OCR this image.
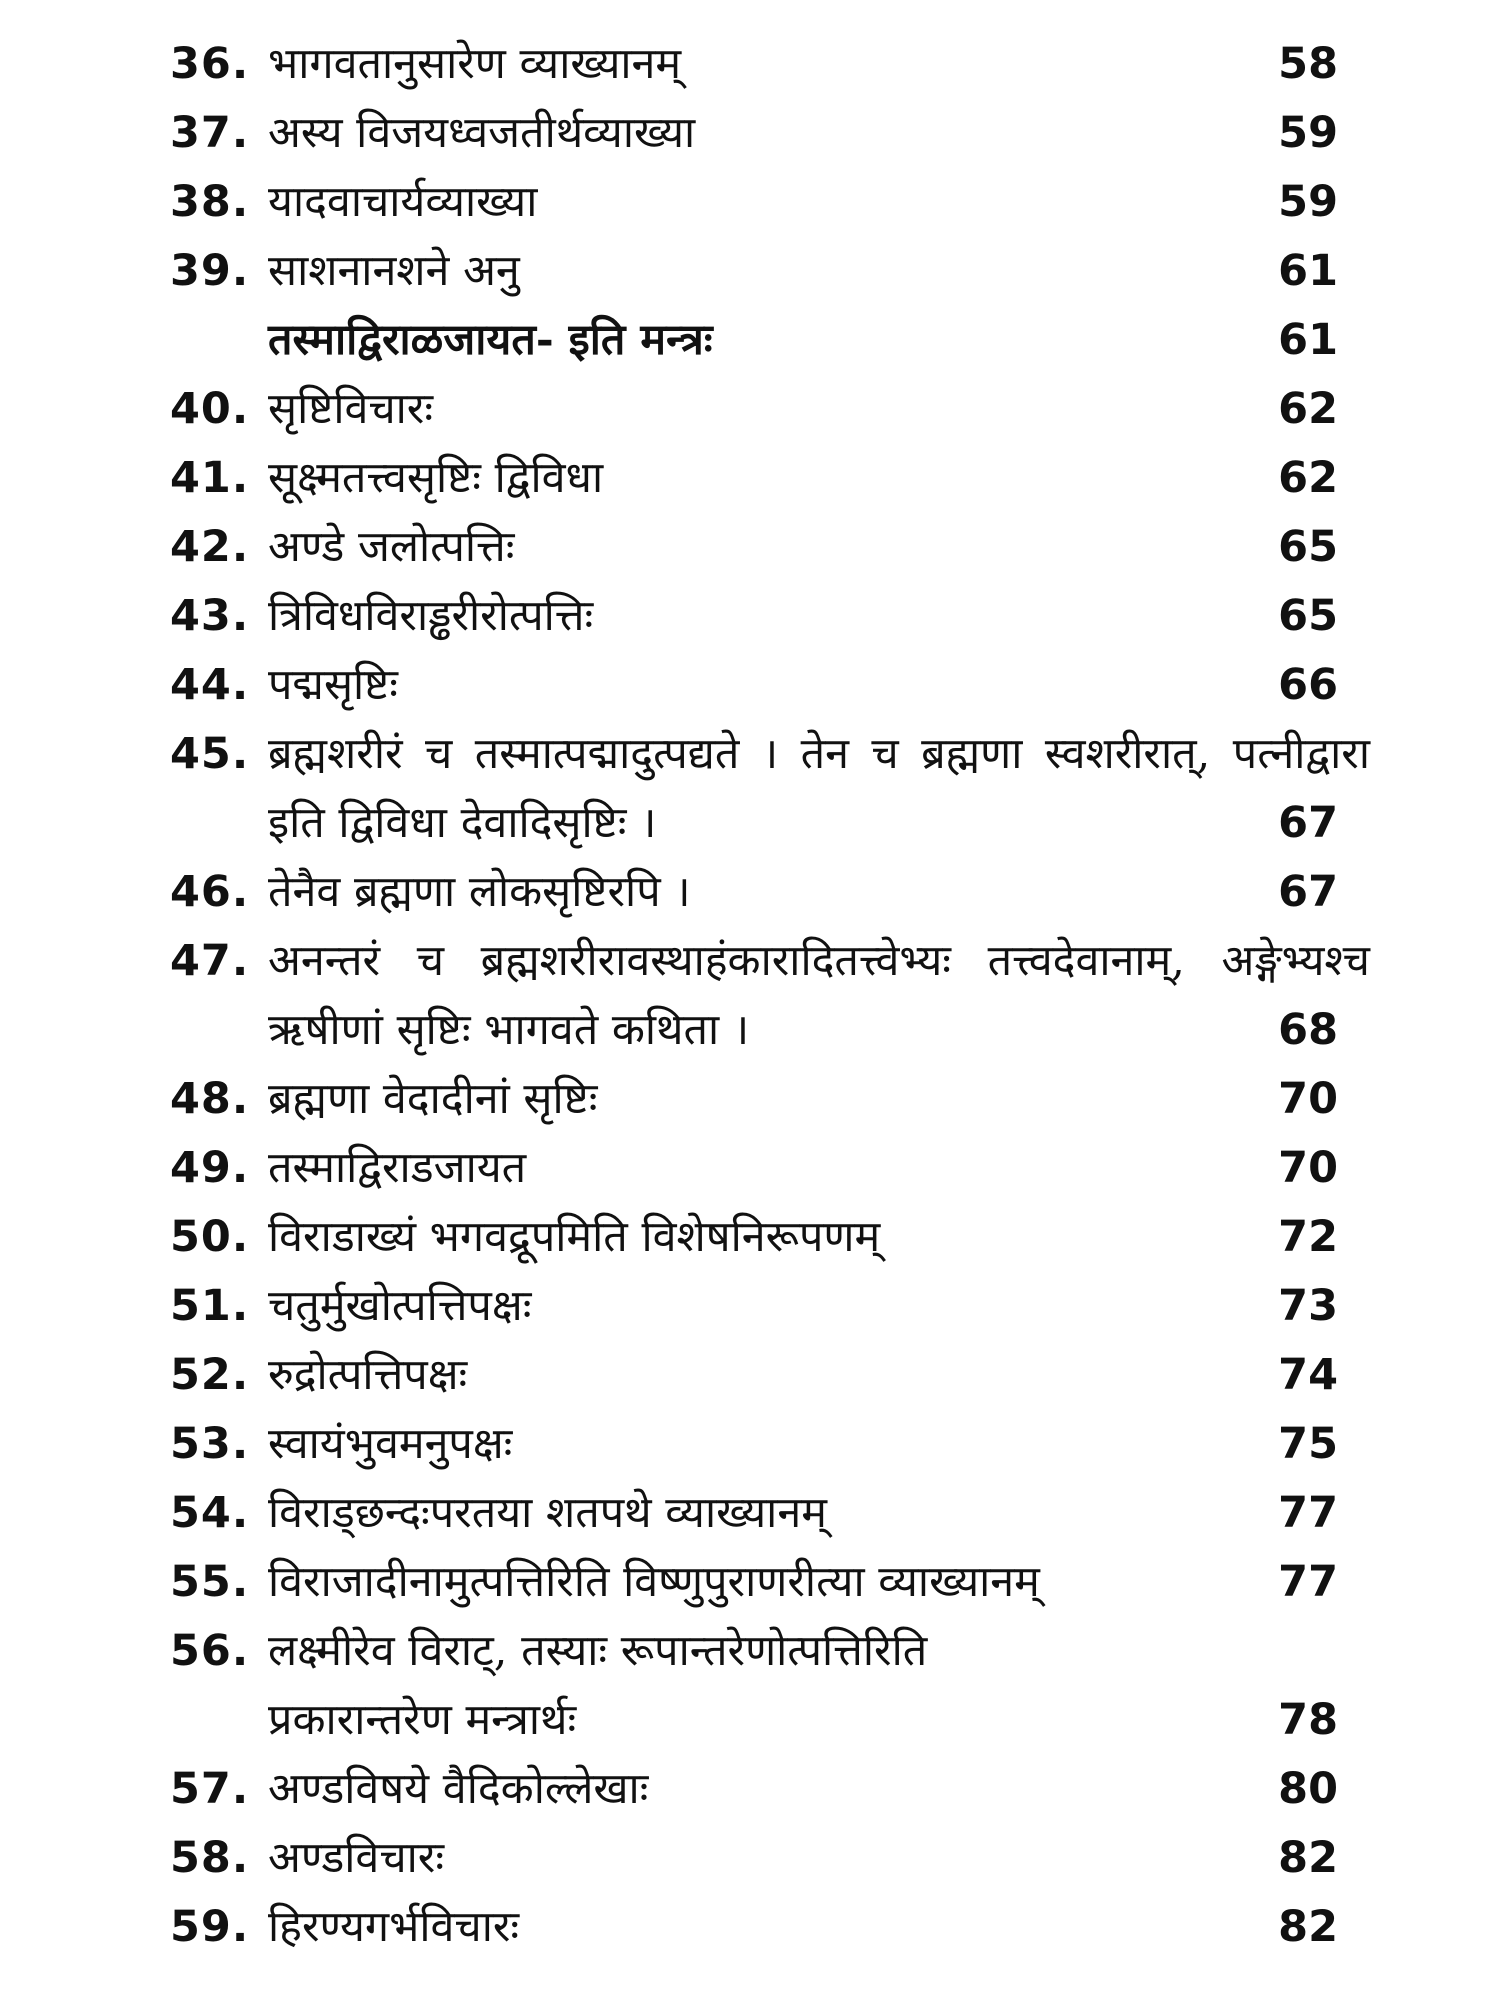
36. भागवतानुसारेण व्याख्यानम्	58
37. अस्य विजयध्वजतीर्थव्याख्या	59
38. यादवाचार्यव्याख्या	59
39. साशनानशने अनु	61
तस्माद्विराळजायत- इति मन्त्रः	61
40. सृष्टिविचारः	62
41. सूक्ष्मतत्त्वसृष्टिः द्विविधा	62
42. अण्डे जलोत्पत्तिः	65
43. त्रिविधविराड्ढरीरोत्पत्तिः	65
44. पद्मसृष्टिः	66
45. ब्रह्मशरीरं च तस्मात्पद्मादुत्पद्यते । तेन च ब्रह्मणा स्वशरीरात्, पत्नीद्वारा
इति द्विविधा देवादिसृष्टिः ।	67
46. तेनैव ब्रह्मणा लोकसृष्टिरपि ।	67
47. अनन्तरं च ब्रह्मशरीरावस्थाहंकारादितत्त्वेभ्यः तत्त्वदेवानाम्, अङ्गेभ्यश्च
ऋषीणां सृष्टिः भागवते कथिता ।	68
48. ब्रह्मणा वेदादीनां सृष्टिः	70
49. तस्माद्विराडजायत	70
50. विराडाख्यं भगवद्रूपमिति विशेषनिरूपणम्	72
51. चतुर्मुखोत्पत्तिपक्षः	73
52. रुद्रोत्पत्तिपक्षः	74
53. स्वायंभुवमनुपक्षः	75
54. विराड्छन्दःपरतया शतपथे व्याख्यानम्	77
55. विराजादीनामुत्पत्तिरिति विष्णुपुराणरीत्या व्याख्यानम्	77
56. लक्ष्मीरेव विराट्, तस्याः रूपान्तरेणोत्पत्तिरिति
प्रकारान्तरेण मन्त्रार्थः	78
57. अण्डविषये वैदिकोल्लेखाः	80
58. अण्डविचारः	82
59. हिरण्यगर्भविचारः	82
